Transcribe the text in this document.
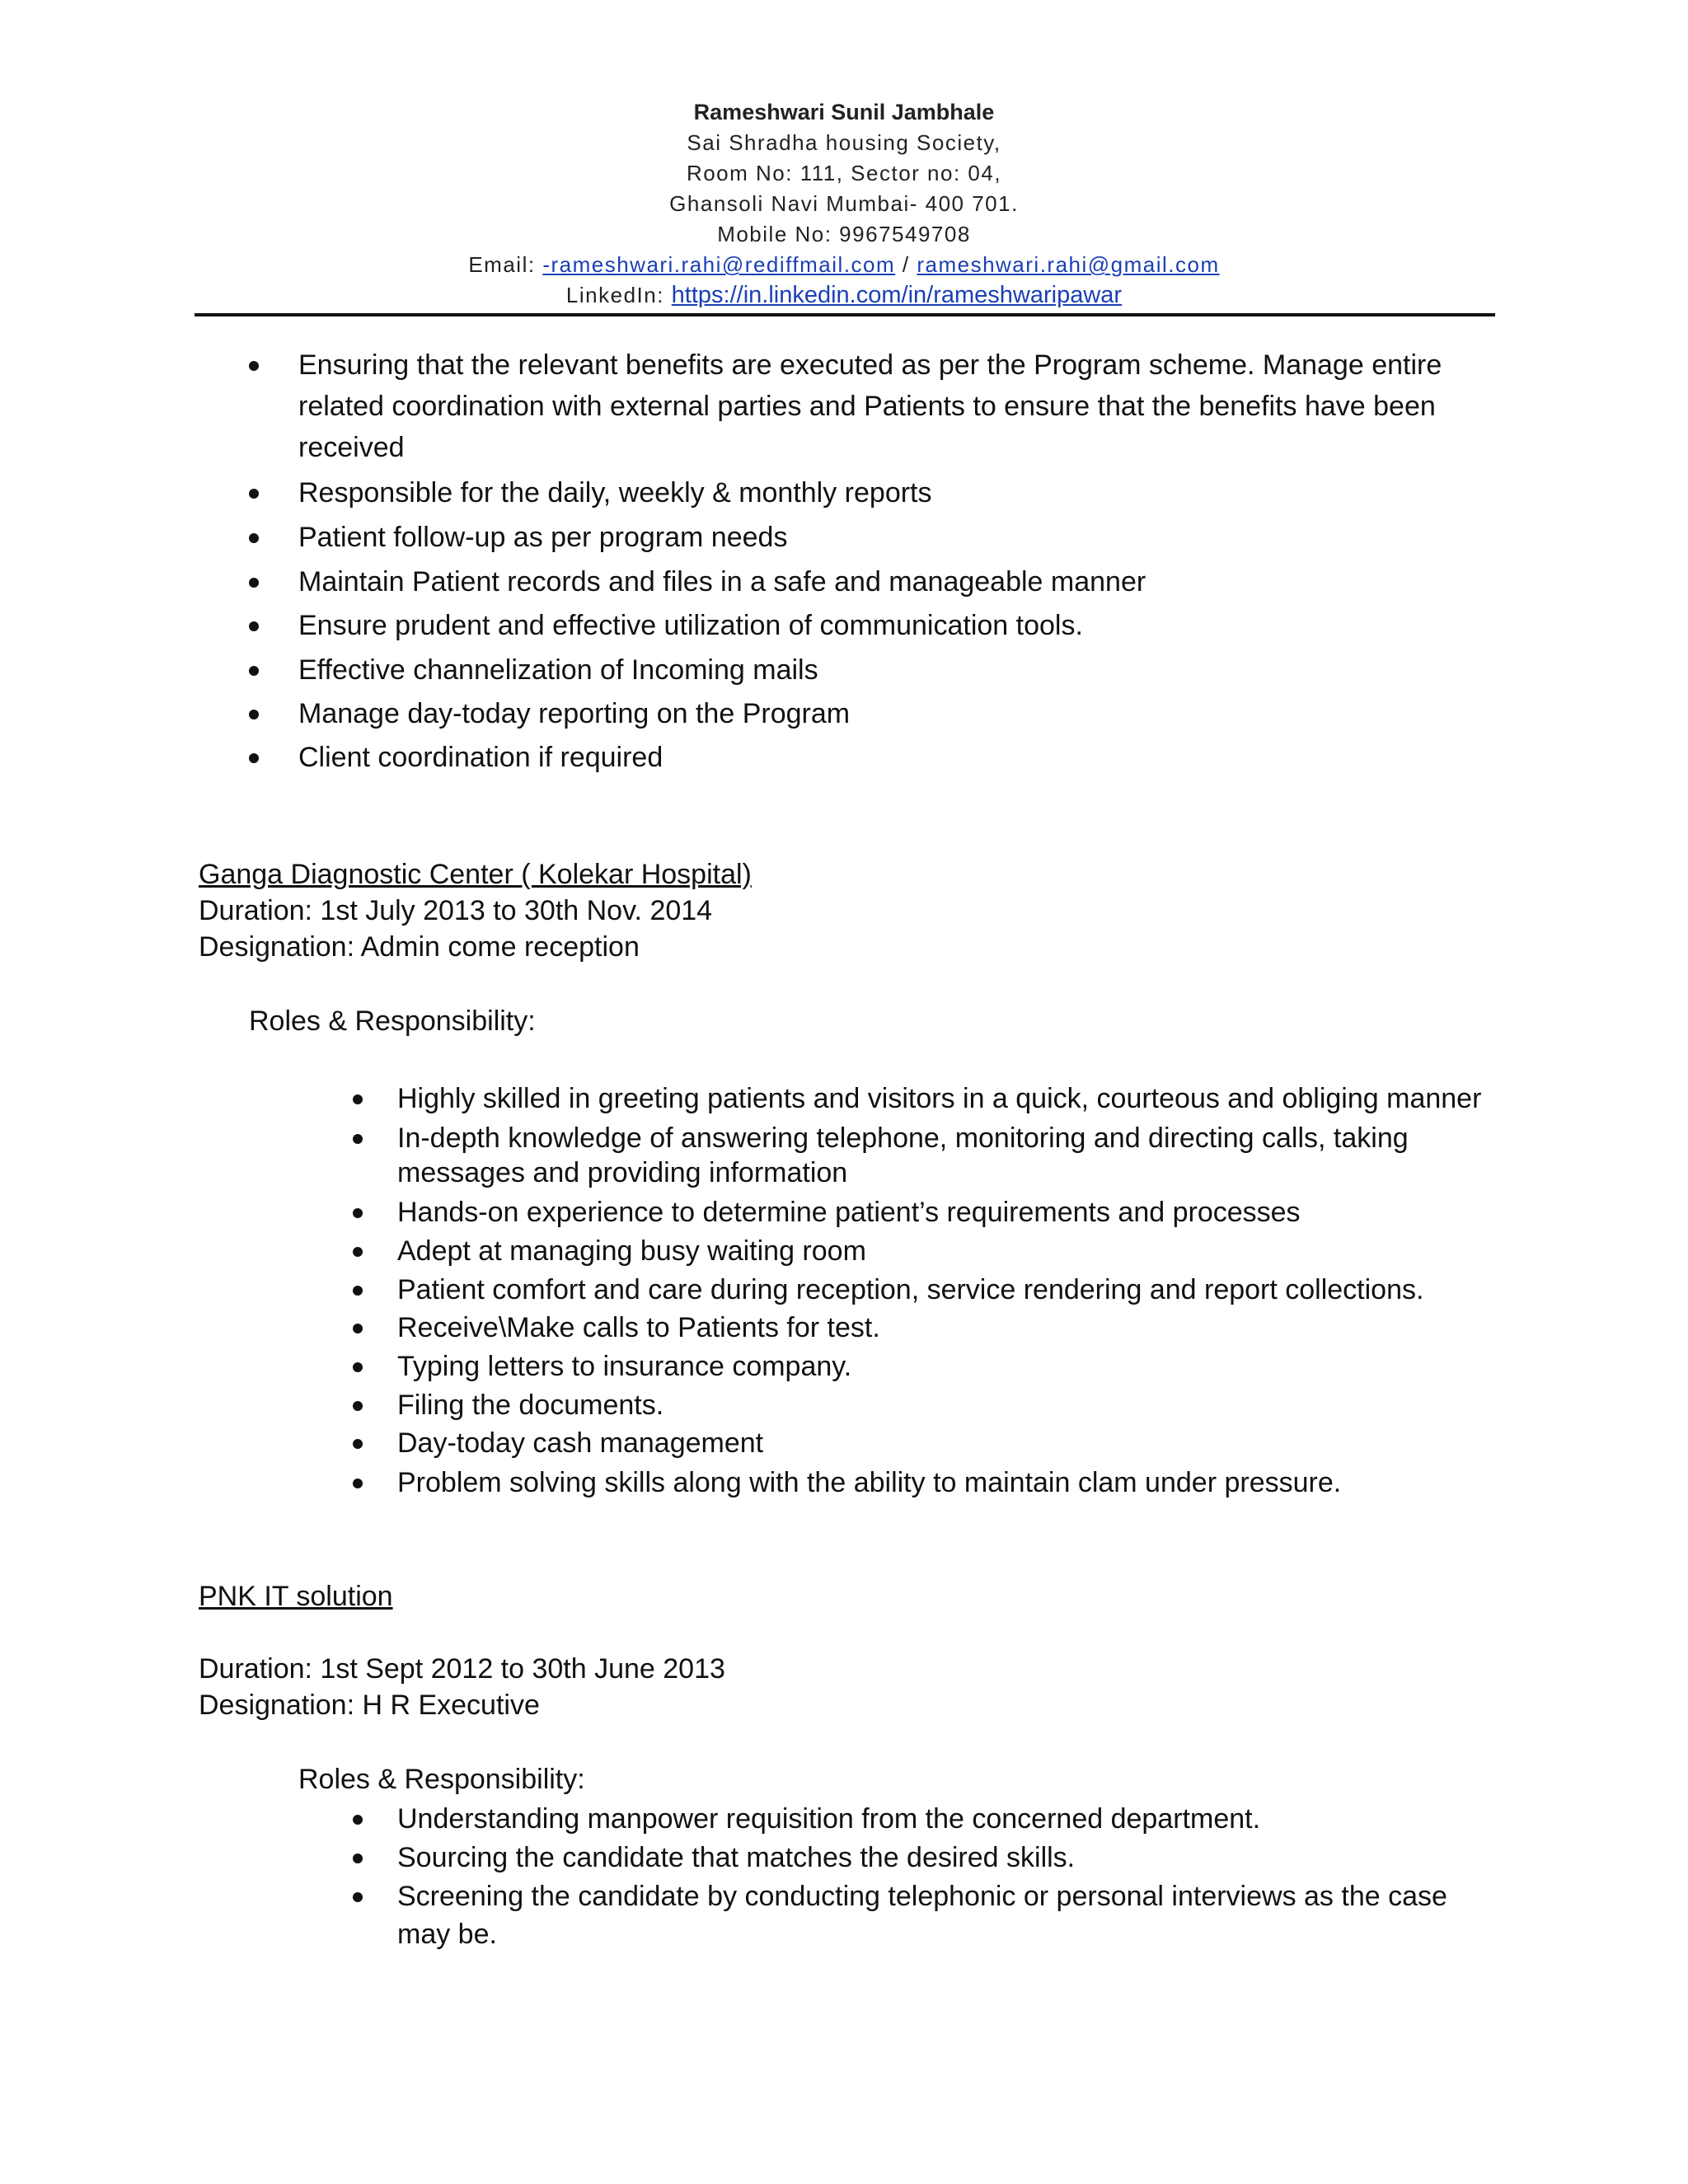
Rameshwari Sunil Jambhale
Sai Shradha housing Society,
Room No: 111, Sector no: 04,
Ghansoli Navi Mumbai- 400 701.
Mobile No: 9967549708
Email: -rameshwari.rahi@rediffmail.com / rameshwari.rahi@gmail.com
LinkedIn: https://in.linkedin.com/in/rameshwaripawar
Ensuring that the relevant benefits are executed as per the Program scheme. Manage entire
related coordination with external parties and Patients to ensure that the benefits have been
received
Responsible for the daily, weekly & monthly reports
Patient follow-up as per program needs
Maintain Patient records and files in a safe and manageable manner
Ensure prudent and effective utilization of communication tools.
Effective channelization of Incoming mails
Manage day-today reporting on the Program
Client coordination if required
Ganga Diagnostic Center ( Kolekar Hospital)
Duration: 1st July 2013 to 30th Nov. 2014
Designation: Admin come reception
Roles & Responsibility:
Highly skilled in greeting patients and visitors in a quick, courteous and obliging manner
In-depth knowledge of answering telephone, monitoring and directing calls, taking
messages and providing information
Hands-on experience to determine patient’s requirements and processes
Adept at managing busy waiting room
Patient comfort and care during reception, service rendering and report collections.
Receive\Make calls to Patients for test.
Typing letters to insurance company.
Filing the documents.
Day-today cash management
Problem solving skills along with the ability to maintain clam under pressure.
PNK IT solution
Duration: 1st Sept 2012 to 30th June 2013
Designation: H R Executive
Roles & Responsibility:
Understanding manpower requisition from the concerned department.
Sourcing the candidate that matches the desired skills.
Screening the candidate by conducting telephonic or personal interviews as the case
may be.
